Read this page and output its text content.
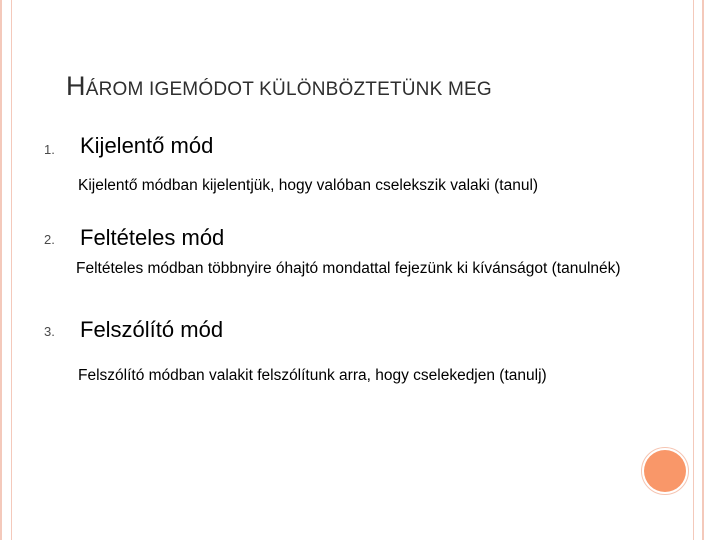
HÁROM IGEMÓDOT KÜLÖNBÖZTETÜNK MEG
1. Kijelentő mód
Kijelentő módban kijelentjük, hogy valóban cselekszik valaki (tanul)
2. Feltételes mód
Feltételes módban többnyire óhajtó mondattal fejezünk ki kívánságot (tanulnék)
3. Felszólító mód
Felszólító módban valakit felszólítunk arra, hogy cselekedjen (tanulj)
